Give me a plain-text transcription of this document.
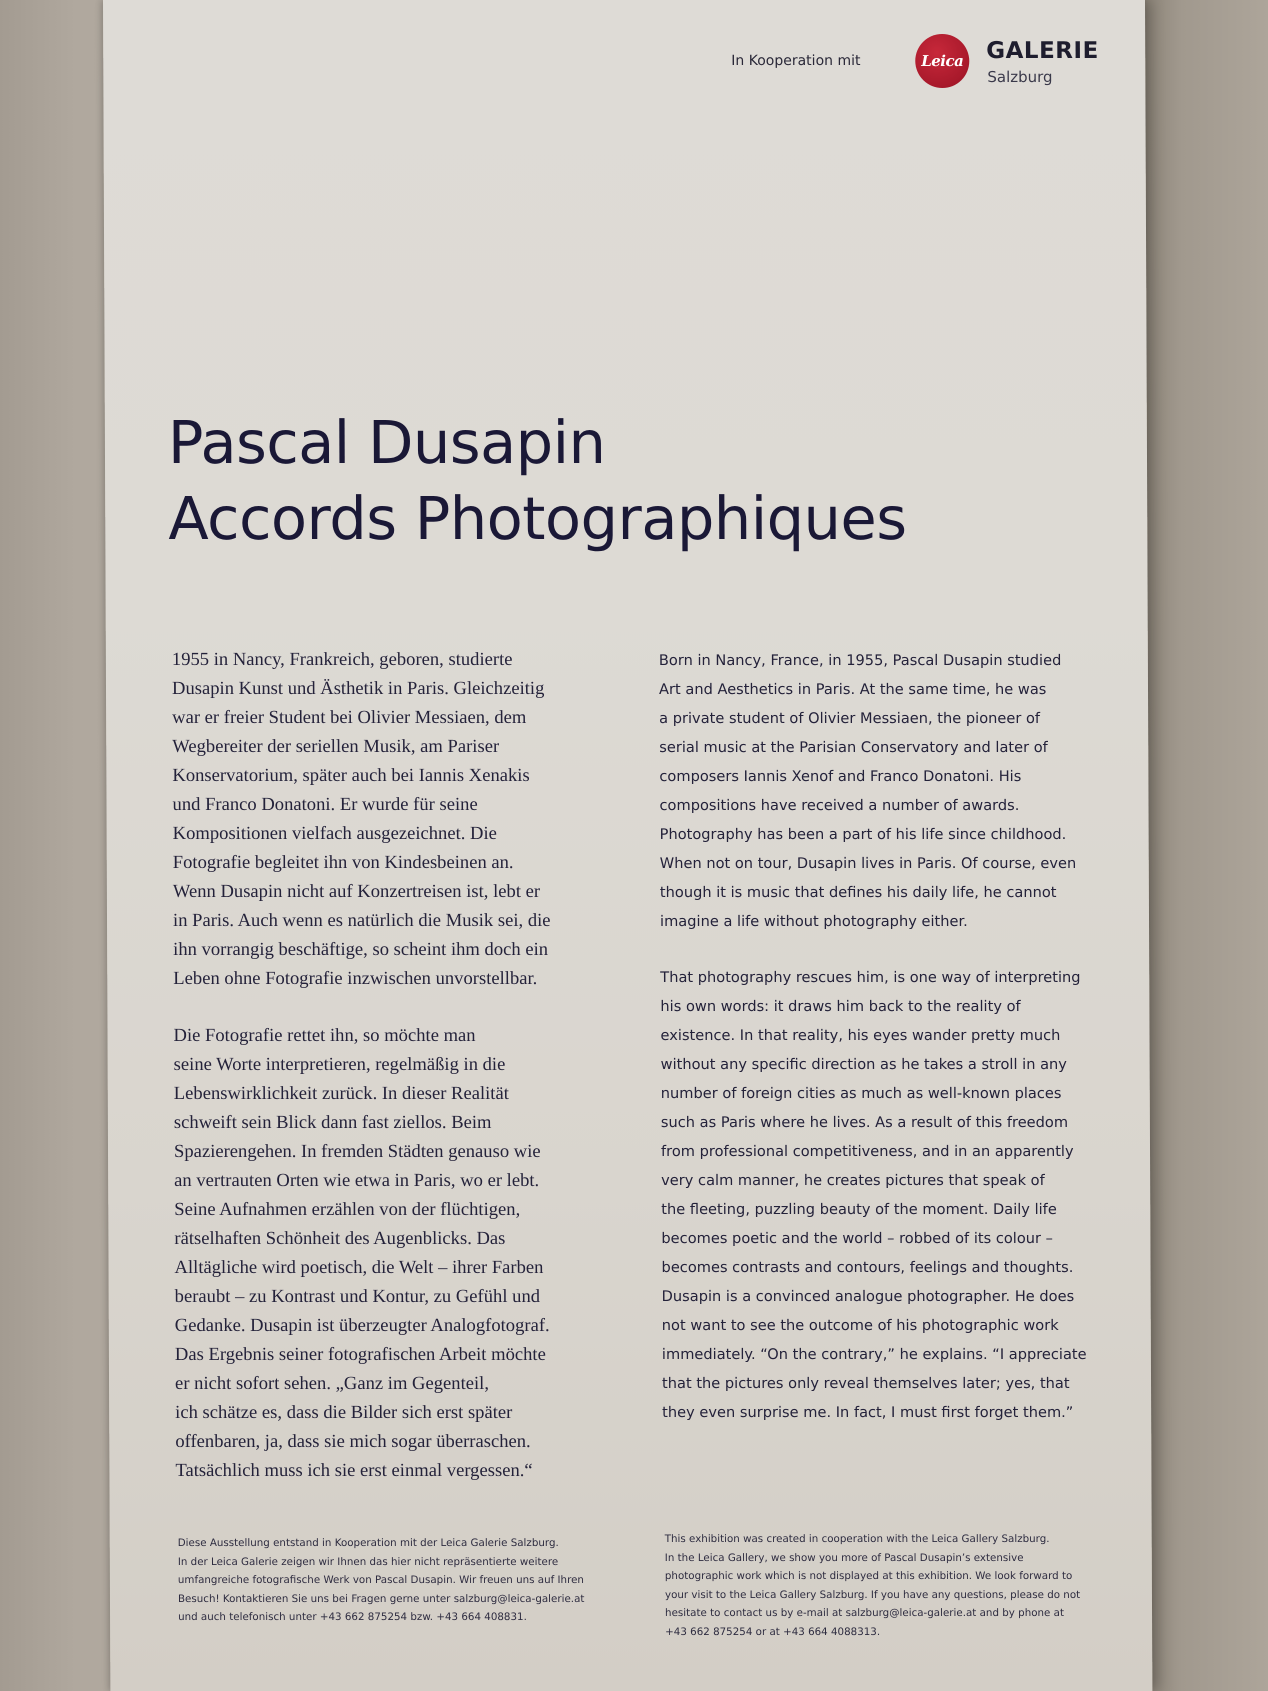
In Kooperation mit	Leica GALERIE
Salzburg
Pascal Dusapin
Accords Photographiques

1955 in Nancy, Frankreich, geboren, studierte

Dusapin Kunst und Ästhetik in Paris. Gleichzeitig

war er freier Student bei Olivier Messiaen, dem

Wegbereiter der seriellen Musik, am Pariser

Konservatorium, später auch bei Iannis Xenakis

und Franco Donatoni. Er wurde für seine

Kompositionen vielfach ausgezeichnet. Die

Fotografie begleitet ihn von Kindesbeinen an.

Wenn Dusapin nicht auf Konzertreisen ist, lebt er

in Paris. Auch wenn es natürlich die Musik sei, die

ihn vorrangig beschäftige, so scheint ihm doch ein

Leben ohne Fotografie inzwischen unvorstellbar.

Die Fotografie rettet ihn, so möchte man

seine Worte interpretieren, regelmäßig in die

Lebenswirklichkeit zurück. In dieser Realität

schweift sein Blick dann fast ziellos. Beim

Spazierengehen. In fremden Städten genauso wie

an vertrauten Orten wie etwa in Paris, wo er lebt.

Seine Aufnahmen erzählen von der flüchtigen,

rätselhaften Schönheit des Augenblicks. Das

Alltägliche wird poetisch, die Welt – ihrer Farben

beraubt – zu Kontrast und Kontur, zu Gefühl und

Gedanke. Dusapin ist überzeugter Analogfotograf.

Das Ergebnis seiner fotografischen Arbeit möchte

er nicht sofort sehen. „Ganz im Gegenteil,

ich schätze es, dass die Bilder sich erst später

offenbaren, ja, dass sie mich sogar überraschen.

Tatsächlich muss ich sie erst einmal vergessen.“

Born in Nancy, France, in 1955, Pascal Dusapin studied

Art and Aesthetics in Paris. At the same time, he was

a private student of Olivier Messiaen, the pioneer of

serial music at the Parisian Conservatory and later of

composers Iannis Xenof and Franco Donatoni. His

compositions have received a number of awards.

Photography has been a part of his life since childhood.

When not on tour, Dusapin lives in Paris. Of course, even

though it is music that defines his daily life, he cannot

imagine a life without photography either.

That photography rescues him, is one way of interpreting

his own words: it draws him back to the reality of

existence. In that reality, his eyes wander pretty much

without any specific direction as he takes a stroll in any

number of foreign cities as much as well-known places

such as Paris where he lives. As a result of this freedom

from professional competitiveness, and in an apparently

very calm manner, he creates pictures that speak of

the fleeting, puzzling beauty of the moment. Daily life

becomes poetic and the world – robbed of its colour –

becomes contrasts and contours, feelings and thoughts.

Dusapin is a convinced analogue photographer. He does

not want to see the outcome of his photographic work

immediately. “On the contrary,” he explains. “I appreciate

that the pictures only reveal themselves later; yes, that

they even surprise me. In fact, I must first forget them.”

Diese Ausstellung entstand in Kooperation mit der Leica Galerie Salzburg.

In der Leica Galerie zeigen wir Ihnen das hier nicht repräsentierte weitere

umfangreiche fotografische Werk von Pascal Dusapin. Wir freuen uns auf Ihren

Besuch! Kontaktieren Sie uns bei Fragen gerne unter salzburg@leica-galerie.at

und auch telefonisch unter +43 662 875254 bzw. +43 664 408831.

This exhibition was created in cooperation with the Leica Gallery Salzburg.

In the Leica Gallery, we show you more of Pascal Dusapin’s extensive

photographic work which is not displayed at this exhibition. We look forward to

your visit to the Leica Gallery Salzburg. If you have any questions, please do not

hesitate to contact us by e-mail at salzburg@leica-galerie.at and by phone at

+43 662 875254 or at +43 664 4088313.
